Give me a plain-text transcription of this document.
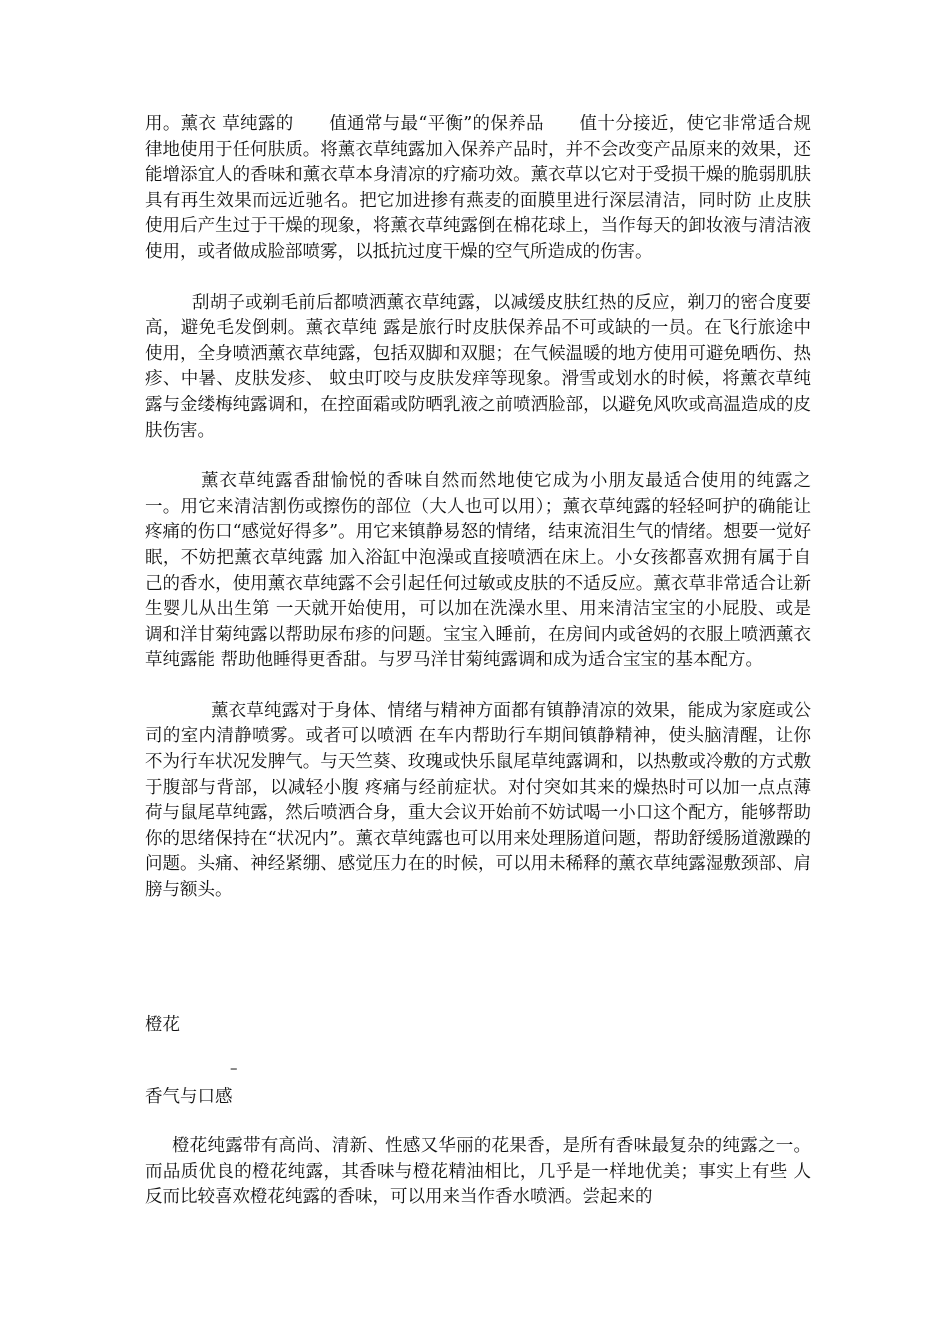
用。薰衣 草纯露的　　值通常与最“平衡”的保养品　　值十分接近，使它非常适合规律地使用于任何肤质。将薰衣草纯露加入保养产品时，并不会改变产品原来的效果，还 能增添宜人的香味和薰衣草本身清凉的疗瘉功效。薰衣草以它对于受损干燥的脆弱肌肤具有再生效果而远近驰名。把它加进掺有燕麦的面膜里进行深层清洁，同时防 止皮肤使用后产生过于干燥的现象，将薰衣草纯露倒在棉花球上，当作每天的卸妆液与清洁液使用，或者做成脸部喷雾，以抵抗过度干燥的空气所造成的伤害。

刮胡子或剃毛前后都喷洒薰衣草纯露，以减缓皮肤红热的反应，剃刀的密合度要高，避免毛发倒刺。薰衣草纯 露是旅行时皮肤保养品不可或缺的一员。在飞行旅途中使用，全身喷洒薰衣草纯露，包括双脚和双腿；在气候温暖的地方使用可避免晒伤、热疹、中暑、皮肤发疹、 蚊虫叮咬与皮肤发痒等现象。滑雪或划水的时候，将薰衣草纯露与金缕梅纯露调和，在控面霜或防晒乳液之前喷洒脸部，以避免风吹或高温造成的皮肤伤害。

薰衣草纯露香甜愉悦的香味自然而然地使它成为小朋友最适合使用的纯露之一。用它来清洁割伤或擦伤的部位（大人也可以用）；薰衣草纯露的轻轻呵护的确能让疼痛的伤口“感觉好得多”。用它来镇静易怒的情绪，结束流泪生气的情绪。想要一觉好眠，不妨把薰衣草纯露 加入浴缸中泡澡或直接喷洒在床上。小女孩都喜欢拥有属于自己的香水，使用薰衣草纯露不会引起任何过敏或皮肤的不适反应。薰衣草非常适合让新生婴儿从出生第 一天就开始使用，可以加在洗澡水里、用来清洁宝宝的小屁股、或是调和洋甘菊纯露以帮助尿布疹的问题。宝宝入睡前，在房间内或爸妈的衣服上喷洒薰衣草纯露能 帮助他睡得更香甜。与罗马洋甘菊纯露调和成为适合宝宝的基本配方。

薰衣草纯露对于身体、情绪与精神方面都有镇静清凉的效果，能成为家庭或公司的室内清静喷雾。或者可以喷洒 在车内帮助行车期间镇静精神，使头脑清醒，让你不为行车状况发脾气。与天竺葵、玫瑰或快乐鼠尾草纯露调和，以热敷或冷敷的方式敷于腹部与背部，以减轻小腹 疼痛与经前症状。对付突如其来的燥热时可以加一点点薄荷与鼠尾草纯露，然后喷洒合身，重大会议开始前不妨试喝一小口这个配方，能够帮助你的思绪保持在“状况内”。薰衣草纯露也可以用来处理肠道问题，帮助舒缓肠道激躁的问题。头痛、神经紧绷、感觉压力在的时候，可以用未稀释的薰衣草纯露湿敷颈部、肩膀与额头。

橙花

–

香气与口感

橙花纯露带有高尚、清新、性感又华丽的花果香，是所有香味最复杂的纯露之一。而品质优良的橙花纯露，其香味与橙花精油相比，几乎是一样地优美；事实上有些 人反而比较喜欢橙花纯露的香味，可以用来当作香水喷洒。尝起来的
